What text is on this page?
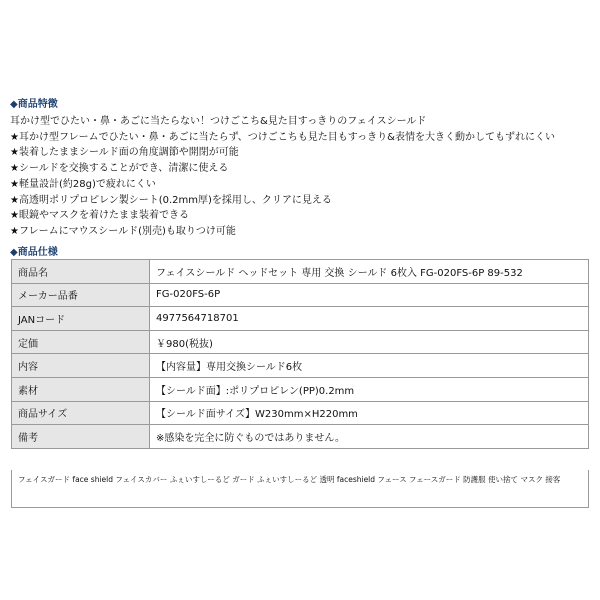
◆商品特徴
耳かけ型でひたい・鼻・あごに当たらない！つけごこち&見た目すっきりのフェイスシールド
★耳かけ型フレームでひたい・鼻・あごに当たらず、つけごこちも見た目もすっきり&表情を大きく動かしてもずれにくい
★装着したままシールド面の角度調節や開閉が可能
★シールドを交換することができ、清潔に使える
★軽量設計(約28g)で疲れにくい
★高透明ポリプロピレン製シート(0.2mm厚)を採用し、クリアに見える
★眼鏡やマスクを着けたまま装着できる
★フレームにマウスシールド(別売)も取りつけ可能
◆商品仕様
商品名	フェイスシールド ヘッドセット 専用 交換 シールド 6枚入 FG-020FS-6P 89-532
メーカー品番	FG-020FS-6P
JANコード	4977564718701
定価	￥980(税抜)
内容	【内容量】専用交換シールド6枚
素材	【シールド面】:ポリプロピレン(PP)0.2mm
商品サイズ	【シールド面サイズ】W230mm×H220mm
備考	※感染を完全に防ぐものではありません。
フェイスガード face shield フェイスカバー ふぇいすしーるど ガード ふぇいすしーるど 透明 faceshield フェース フェースガード 防護服 使い捨て マスク 接客
